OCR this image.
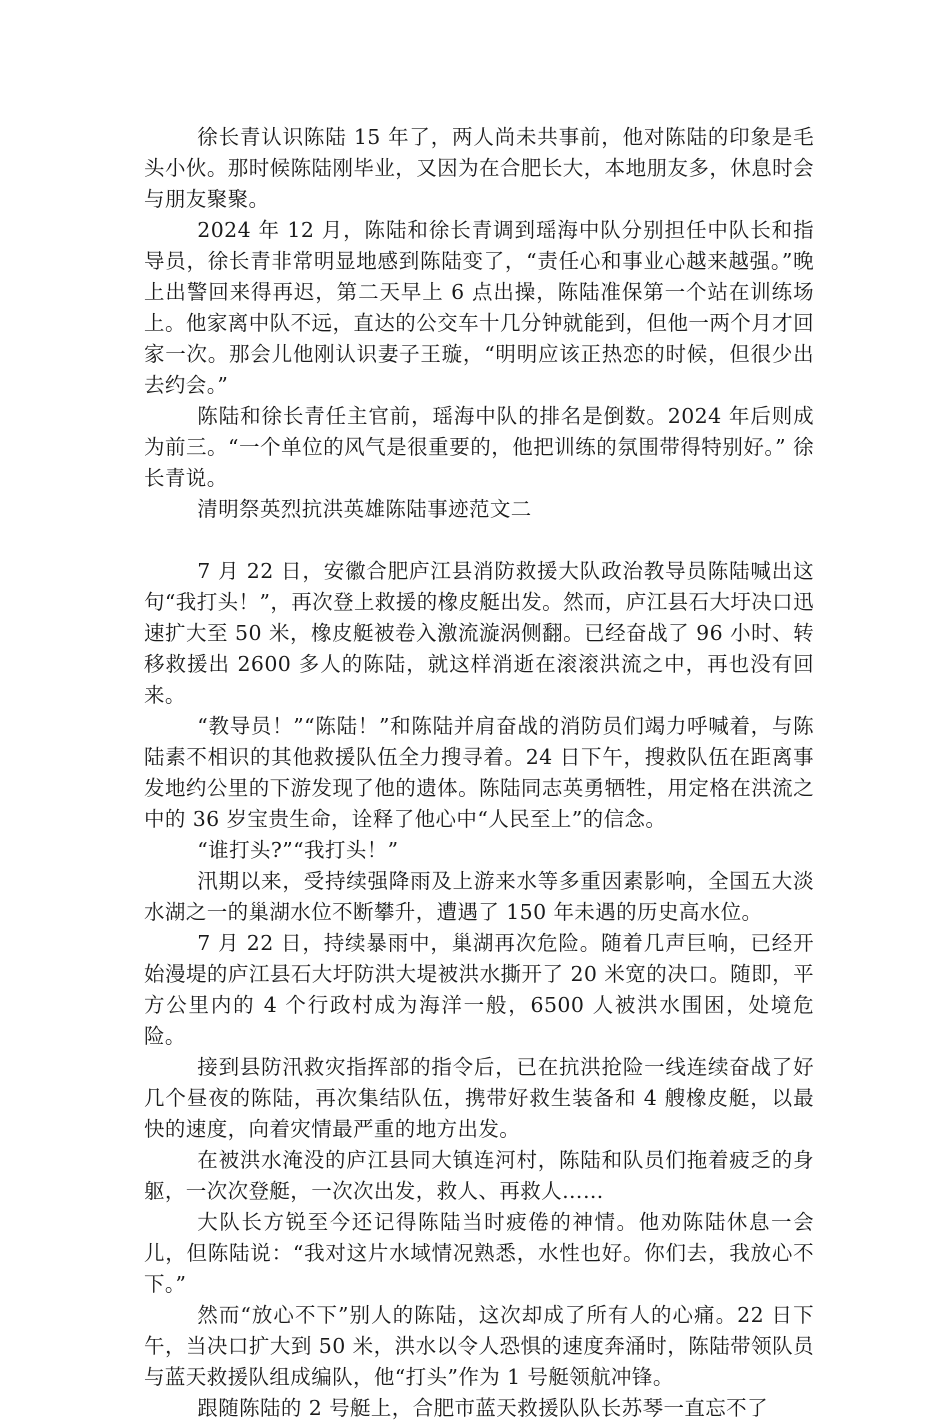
徐长青认识陈陆 15 年了，两人尚未共事前，他对陈陆的印象是毛头小伙。那时候陈陆刚毕业，又因为在合肥长大，本地朋友多，休息时会与朋友聚聚。

2024 年 12 月，陈陆和徐长青调到瑶海中队分别担任中队长和指导员，徐长青非常明显地感到陈陆变了，“责任心和事业心越来越强。”晚上出警回来得再迟，第二天早上 6 点出操，陈陆准保第一个站在训练场上。他家离中队不远，直达的公交车十几分钟就能到，但他一两个月才回家一次。那会儿他刚认识妻子王璇，“明明应该正热恋的时候，但很少出去约会。”

陈陆和徐长青任主官前，瑶海中队的排名是倒数。2024 年后则成为前三。“一个单位的风气是很重要的，他把训练的氛围带得特别好。” 徐长青说。

清明祭英烈抗洪英雄陈陆事迹范文二

7 月 22 日，安徽合肥庐江县消防救援大队政治教导员陈陆喊出这句“我打头！”，再次登上救援的橡皮艇出发。然而，庐江县石大圩决口迅速扩大至 50 米，橡皮艇被卷入激流漩涡侧翻。已经奋战了 96 小时、转移救援出 2600 多人的陈陆，就这样消逝在滚滚洪流之中，再也没有回来。

“教导员！”“陈陆！”和陈陆并肩奋战的消防员们竭力呼喊着，与陈陆素不相识的其他救援队伍全力搜寻着。24 日下午，搜救队伍在距离事发地约公里的下游发现了他的遗体。陈陆同志英勇牺牲，用定格在洪流之中的 36 岁宝贵生命，诠释了他心中“人民至上”的信念。

“谁打头?”“我打头！”

汛期以来，受持续强降雨及上游来水等多重因素影响，全国五大淡水湖之一的巢湖水位不断攀升，遭遇了 150 年未遇的历史高水位。

7 月 22 日，持续暴雨中，巢湖再次危险。随着几声巨响，已经开始漫堤的庐江县石大圩防洪大堤被洪水撕开了 20 米宽的决口。随即，平方公里内的 4 个行政村成为海洋一般，6500 人被洪水围困，处境危险。

接到县防汛救灾指挥部的指令后，已在抗洪抢险一线连续奋战了好几个昼夜的陈陆，再次集结队伍，携带好救生装备和 4 艘橡皮艇，以最快的速度，向着灾情最严重的地方出发。

在被洪水淹没的庐江县同大镇连河村，陈陆和队员们拖着疲乏的身躯，一次次登艇，一次次出发，救人、再救人……

大队长方锐至今还记得陈陆当时疲倦的神情。他劝陈陆休息一会儿，但陈陆说：“我对这片水域情况熟悉，水性也好。你们去，我放心不下。”

然而“放心不下”别人的陈陆，这次却成了所有人的心痛。22 日下午，当决口扩大到 50 米，洪水以令人恐惧的速度奔涌时，陈陆带领队员与蓝天救援队组成编队，他“打头”作为 1 号艇领航冲锋。

跟随陈陆的 2 号艇上，合肥市蓝天救援队队长苏琴一直忘不了
